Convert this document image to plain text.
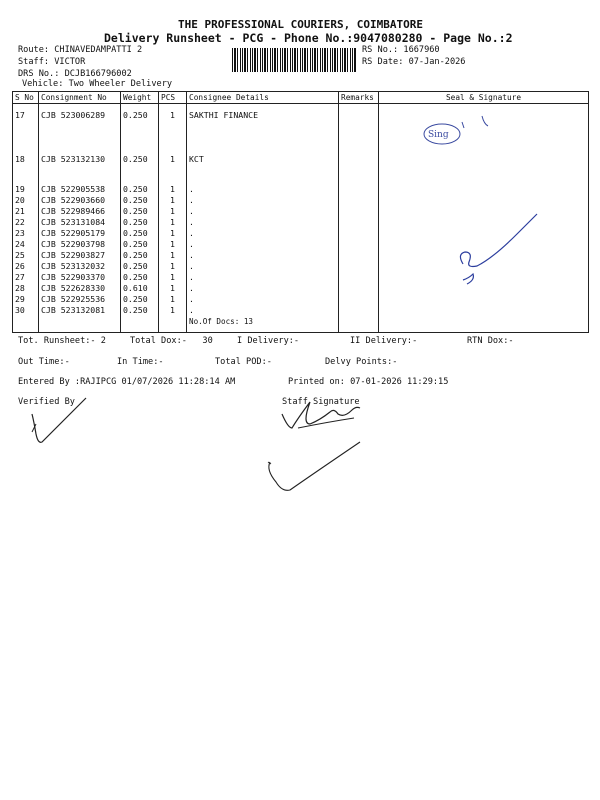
THE PROFESSIONAL COURIERS, COIMBATORE
Delivery Runsheet - PCG - Phone No.:9047080280 - Page No.:2
Route: CHINAVEDAMPATTI 2
Staff: VICTOR
DRS No.: DCJB166796002
Vehicle: Two Wheeler Delivery
RS No.: 1667960
RS Date: 07-Jan-2026
S No	Consignment No	Weight	PCS	Consignee Details	Remarks	Seal & Signature
17	CJB 523006289	0.250	1	SAKTHI FINANCE		
18	CJB 523132130	0.250	1	KCT		
19	CJB 522905538	0.250	1	.		
20	CJB 522903660	0.250	1	.		
21	CJB 522989466	0.250	1	.		
22	CJB 523131084	0.250	1	.		
23	CJB 522905179	0.250	1	.		
24	CJB 522903798	0.250	1	.		
25	CJB 522903827	0.250	1	.		
26	CJB 523132032	0.250	1	.		
27	CJB 522903370	0.250	1	.		
28	CJB 522628330	0.610	1	.		
29	CJB 522925536	0.250	1	.		
30	CJB 523132081	0.250	1	.		
				No.Of Docs: 13		
Tot. Runsheet:- 2	Total Dox:-   30	I Delivery:-	II Delivery:-	RTN Dox:-
Out Time:-	In Time:-	Total POD:-	Delvy Points:-
Entered By :RAJIPCG 01/07/2026 11:28:14 AM	Printed on: 07-01-2026 11:29:15
Verified By	Staff Signature
Sing
